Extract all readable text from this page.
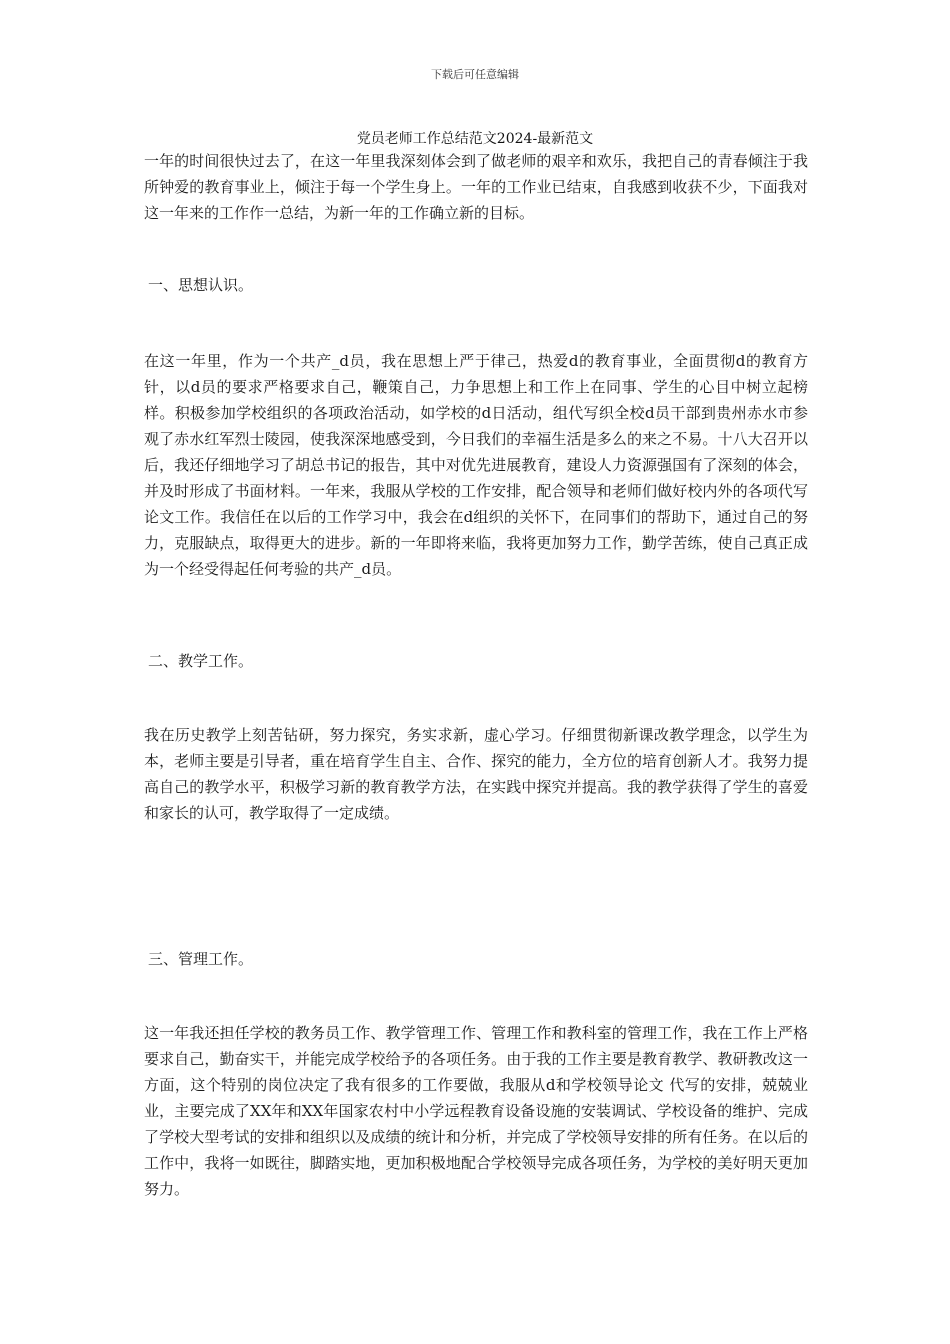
下载后可任意编辑
党员老师工作总结范文2024-最新范文

一年的时间很快过去了，在这一年里我深刻体会到了做老师的艰辛和欢乐，我把自己的青春倾注于我所钟爱的教育事业上，倾注于每一个学生身上。一年的工作业已结束，自我感到收获不少，下面我对这一年来的工作作一总结，为新一年的工作确立新的目标。

一、思想认识。

在这一年里，作为一个共产_d员，我在思想上严于律己，热爱d的教育事业，全面贯彻d的教育方针，以d员的要求严格要求自己，鞭策自己，力争思想上和工作上在同事、学生的心目中树立起榜样。积极参加学校组织的各项政治活动，如学校的d日活动，组代写织全校d员干部到贵州赤水市参观了赤水红军烈士陵园，使我深深地感受到，今日我们的幸福生活是多么的来之不易。十八大召开以后，我还仔细地学习了胡总书记的报告，其中对优先进展教育，建设人力资源强国有了深刻的体会，并及时形成了书面材料。一年来，我服从学校的工作安排，配合领导和老师们做好校内外的各项代写 论文工作。我信任在以后的工作学习中，我会在d组织的关怀下，在同事们的帮助下，通过自己的努力，克服缺点，取得更大的进步。新的一年即将来临，我将更加努力工作，勤学苦练，使自己真正成为一个经受得起任何考验的共产_d员。

二、教学工作。

我在历史教学上刻苦钻研，努力探究，务实求新，虚心学习。仔细贯彻新课改教学理念，以学生为本，老师主要是引导者，重在培育学生自主、合作、探究的能力，全方位的培育创新人才。我努力提高自己的教学水平，积极学习新的教育教学方法，在实践中探究并提高。我的教学获得了学生的喜爱和家长的认可，教学取得了一定成绩。

三、管理工作。

这一年我还担任学校的教务员工作、教学管理工作、管理工作和教科室的管理工作，我在工作上严格要求自己，勤奋实干，并能完成学校给予的各项任务。由于我的工作主要是教育教学、教研教改这一方面，这个特别的岗位决定了我有很多的工作要做，我服从d和学校领导论文 代写的安排，兢兢业业，主要完成了XX年和XX年国家农村中小学远程教育设备设施的安装调试、学校设备的维护、完成了学校大型考试的安排和组织以及成绩的统计和分析，并完成了学校领导安排的所有任务。在以后的工作中，我将一如既往，脚踏实地，更加积极地配合学校领导完成各项任务，为学校的美好明天更加努力。
